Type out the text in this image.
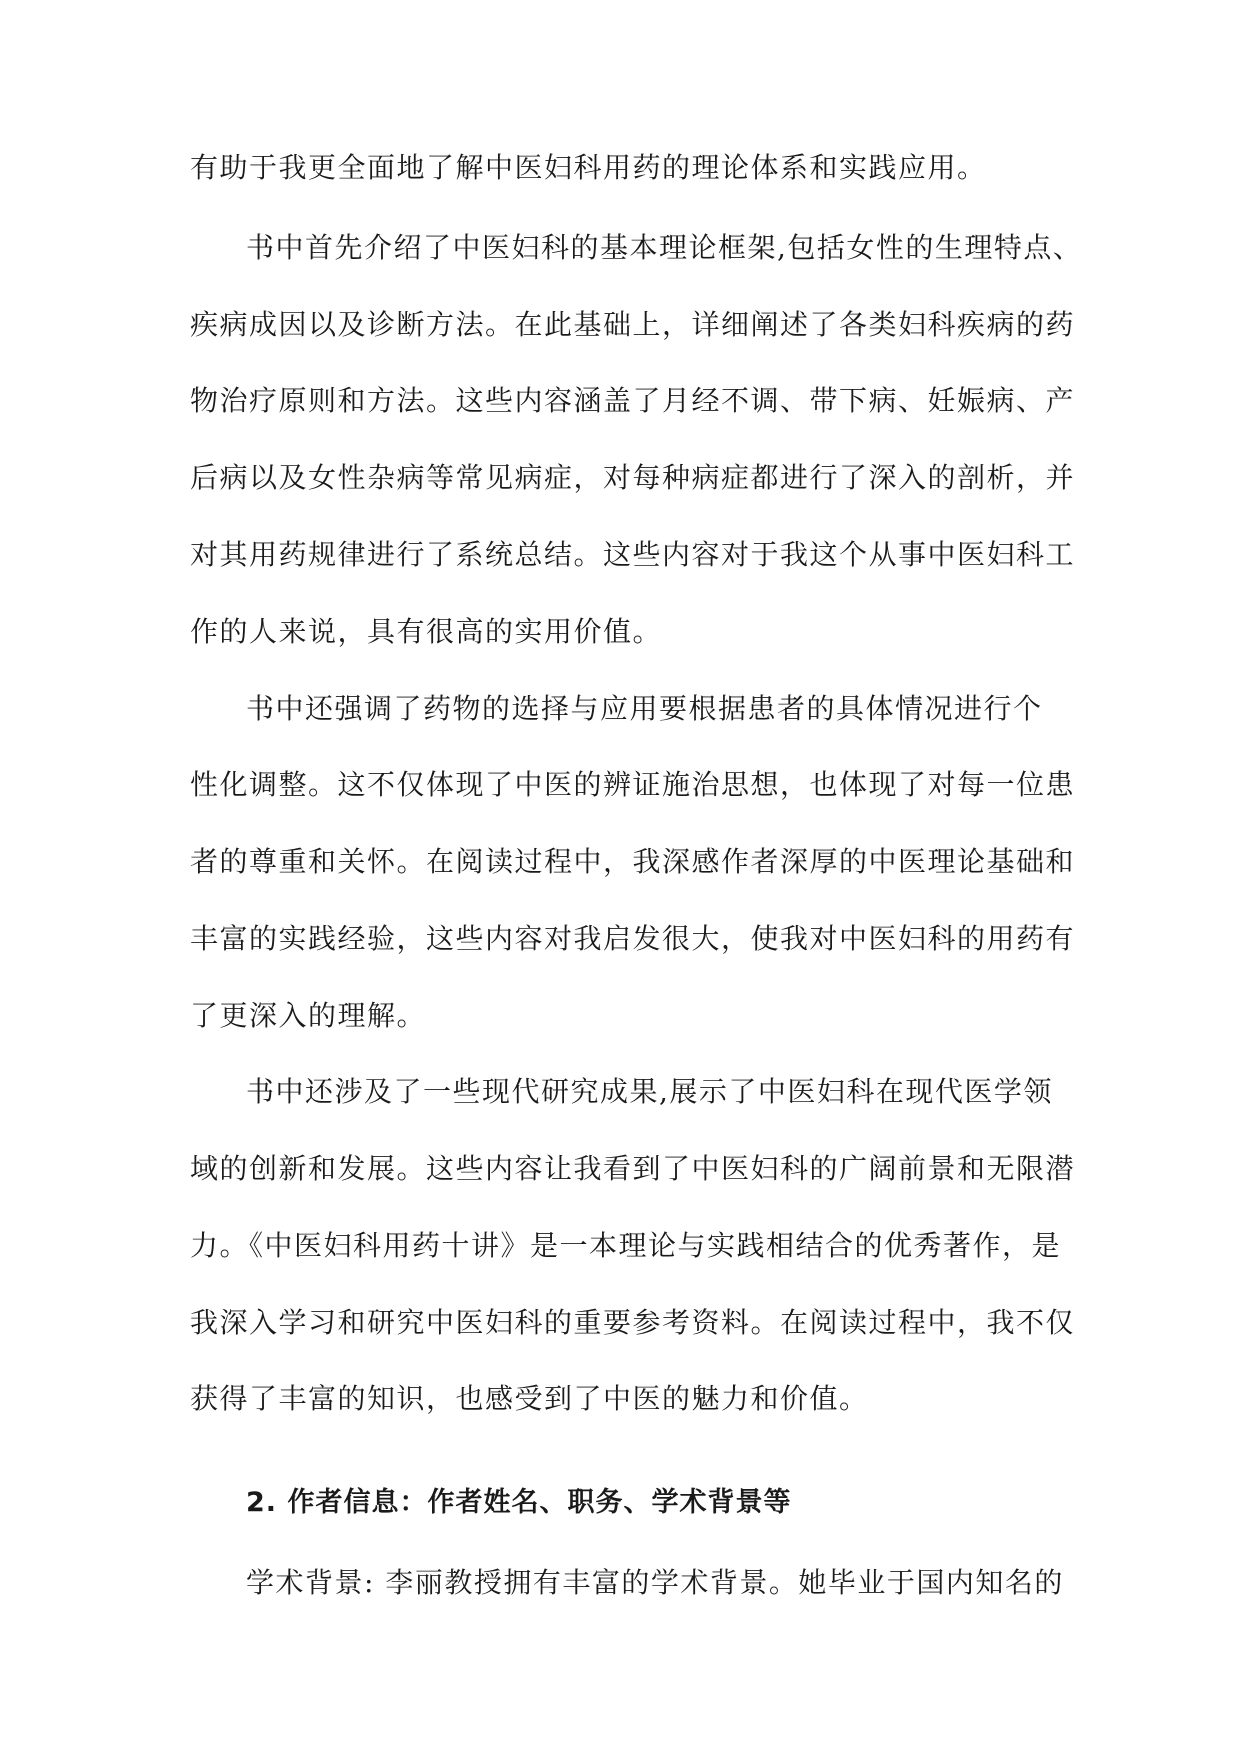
有助于我更全面地了解中医妇科用药的理论体系和实践应用。
书中首先介绍了中医妇科的基本理论框架,包括女性的生理特点、
疾病成因以及诊断方法。在此基础上，详细阐述了各类妇科疾病的药
物治疗原则和方法。这些内容涵盖了月经不调、带下病、妊娠病、产
后病以及女性杂病等常见病症，对每种病症都进行了深入的剖析，并
对其用药规律进行了系统总结。这些内容对于我这个从事中医妇科工
作的人来说，具有很高的实用价值。
书中还强调了药物的选择与应用要根据患者的具体情况进行个
性化调整。这不仅体现了中医的辨证施治思想，也体现了对每一位患
者的尊重和关怀。在阅读过程中，我深感作者深厚的中医理论基础和
丰富的实践经验，这些内容对我启发很大，使我对中医妇科的用药有
了更深入的理解。
书中还涉及了一些现代研究成果,展示了中医妇科在现代医学领
域的创新和发展。这些内容让我看到了中医妇科的广阔前景和无限潜
力。《中医妇科用药十讲》是一本理论与实践相结合的优秀著作，是
我深入学习和研究中医妇科的重要参考资料。在阅读过程中，我不仅
获得了丰富的知识，也感受到了中医的魅力和价值。
2. 作者信息：作者姓名、职务、学术背景等
学术背景: 李丽教授拥有丰富的学术背景。她毕业于国内知名的
